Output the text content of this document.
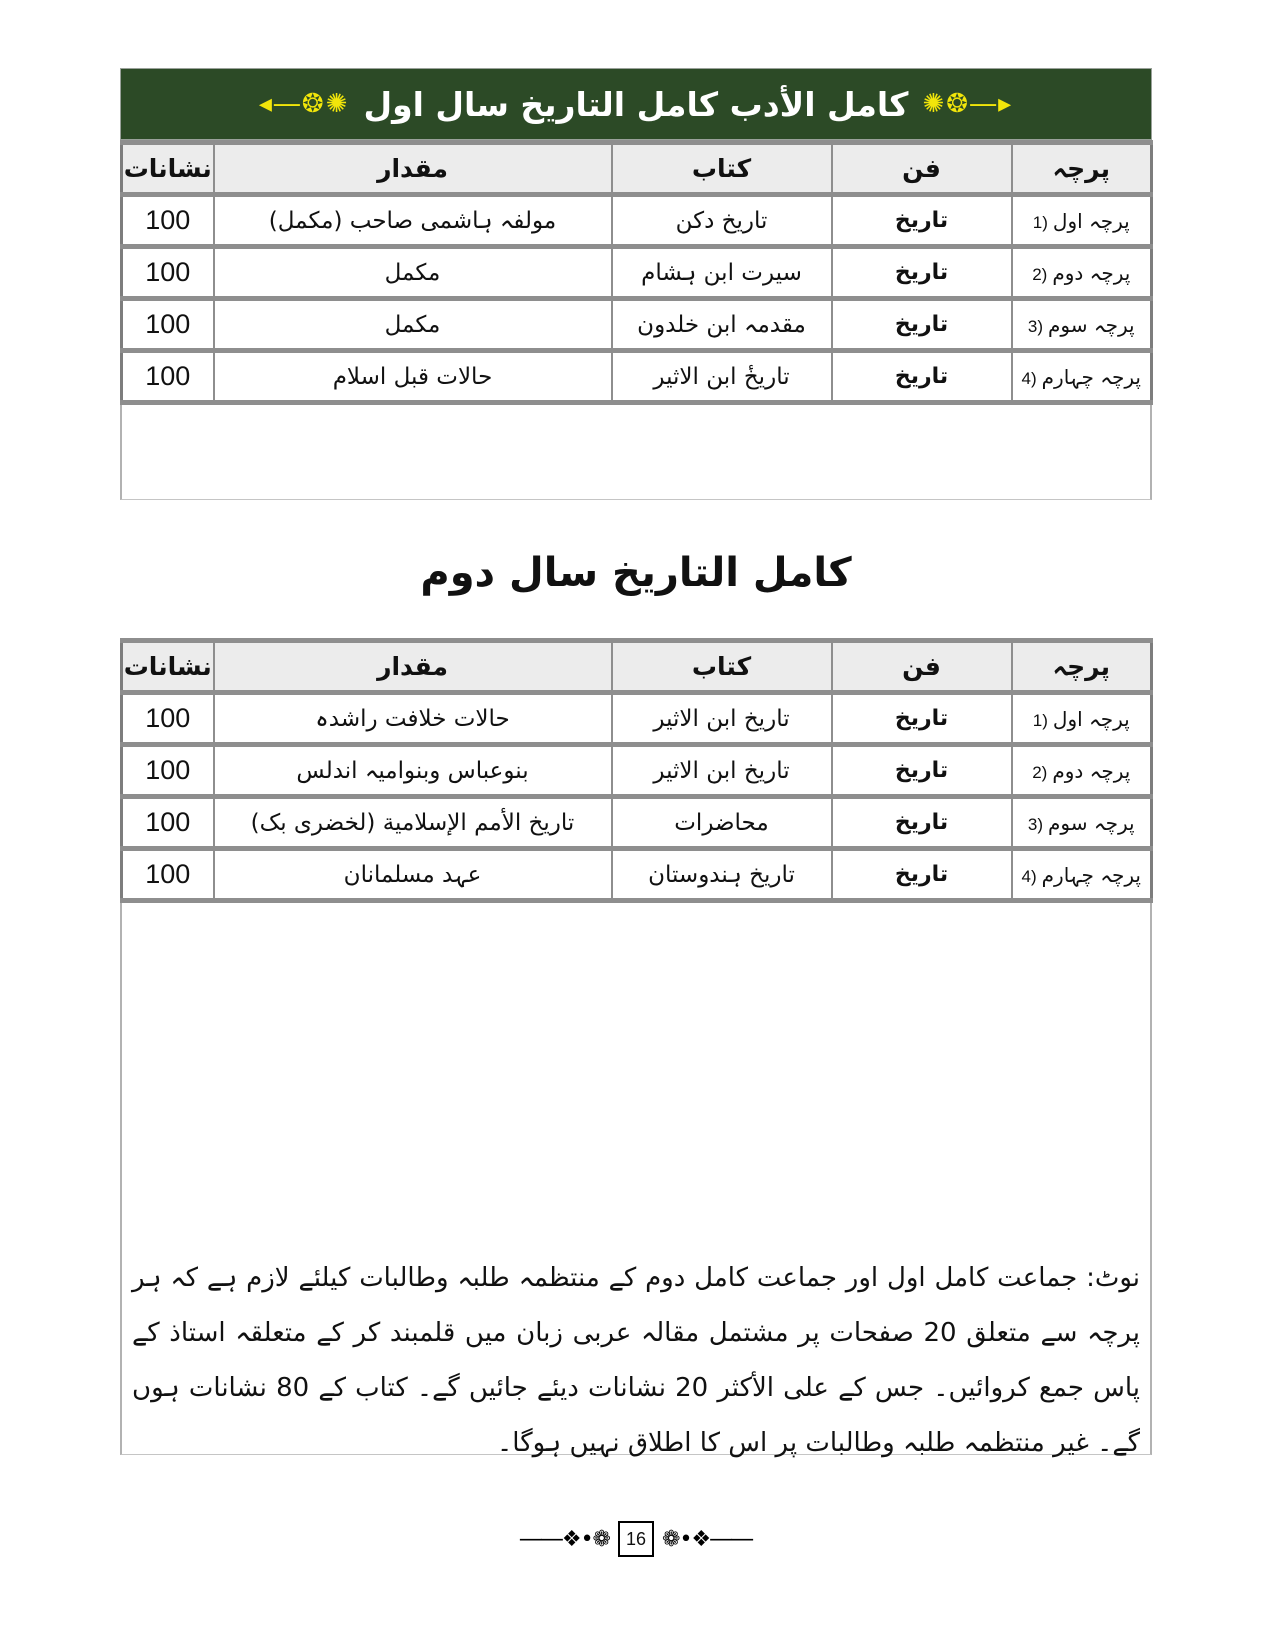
◂―❂✺ کامل الأدب کامل التاریخ سال اول ✺❂―▸
پرچہ	فن	کتاب	مقدار	نشانات
1) پرچہ اول	تاریخ	تاریخ دکن	مولفہ ہاشمی صاحب (مکمل)	100
2) پرچہ دوم	تاریخ	سیرت ابن ہشام	مکمل	100
3) پرچہ سوم	تاریخ	مقدمہ ابن خلدون	مکمل	100
4) پرچہ چہارم	تاریخ	تاریخٔ ابن الاثیر	حالات قبل اسلام	100
کامل التاریخ سال دوم
پرچہ	فن	کتاب	مقدار	نشانات
1) پرچہ اول	تاریخ	تاریخ ابن الاثیر	حالات خلافت راشدہ	100
2) پرچہ دوم	تاریخ	تاریخ ابن الاثیر	بنوعباس وبنوامیہ اندلس	100
3) پرچہ سوم	تاریخ	محاضرات	تاریخ الأمم الإسلامیة (لخضری بک)	100
4) پرچہ چہارم	تاریخ	تاریخ ہندوستان	عہد مسلمانان	100

نوٹ: جماعت کامل اول اور جماعت کامل دوم کے منتظمہ طلبہ وطالبات کیلئے لازم ہے کہ ہر پرچہ سے متعلق 20 صفحات پر مشتمل مقالہ عربی زبان میں قلمبند کر کے متعلقہ استاذ کے پاس جمع کروائیں۔ جس کے علی الأکثر 20 نشانات دیئے جائیں گے۔ کتاب کے 80 نشانات ہوں گے۔ غیر منتظمہ طلبہ وطالبات پر اس کا اطلاق نہیں ہوگا۔

――❖•❁ 16 ❁•❖――
